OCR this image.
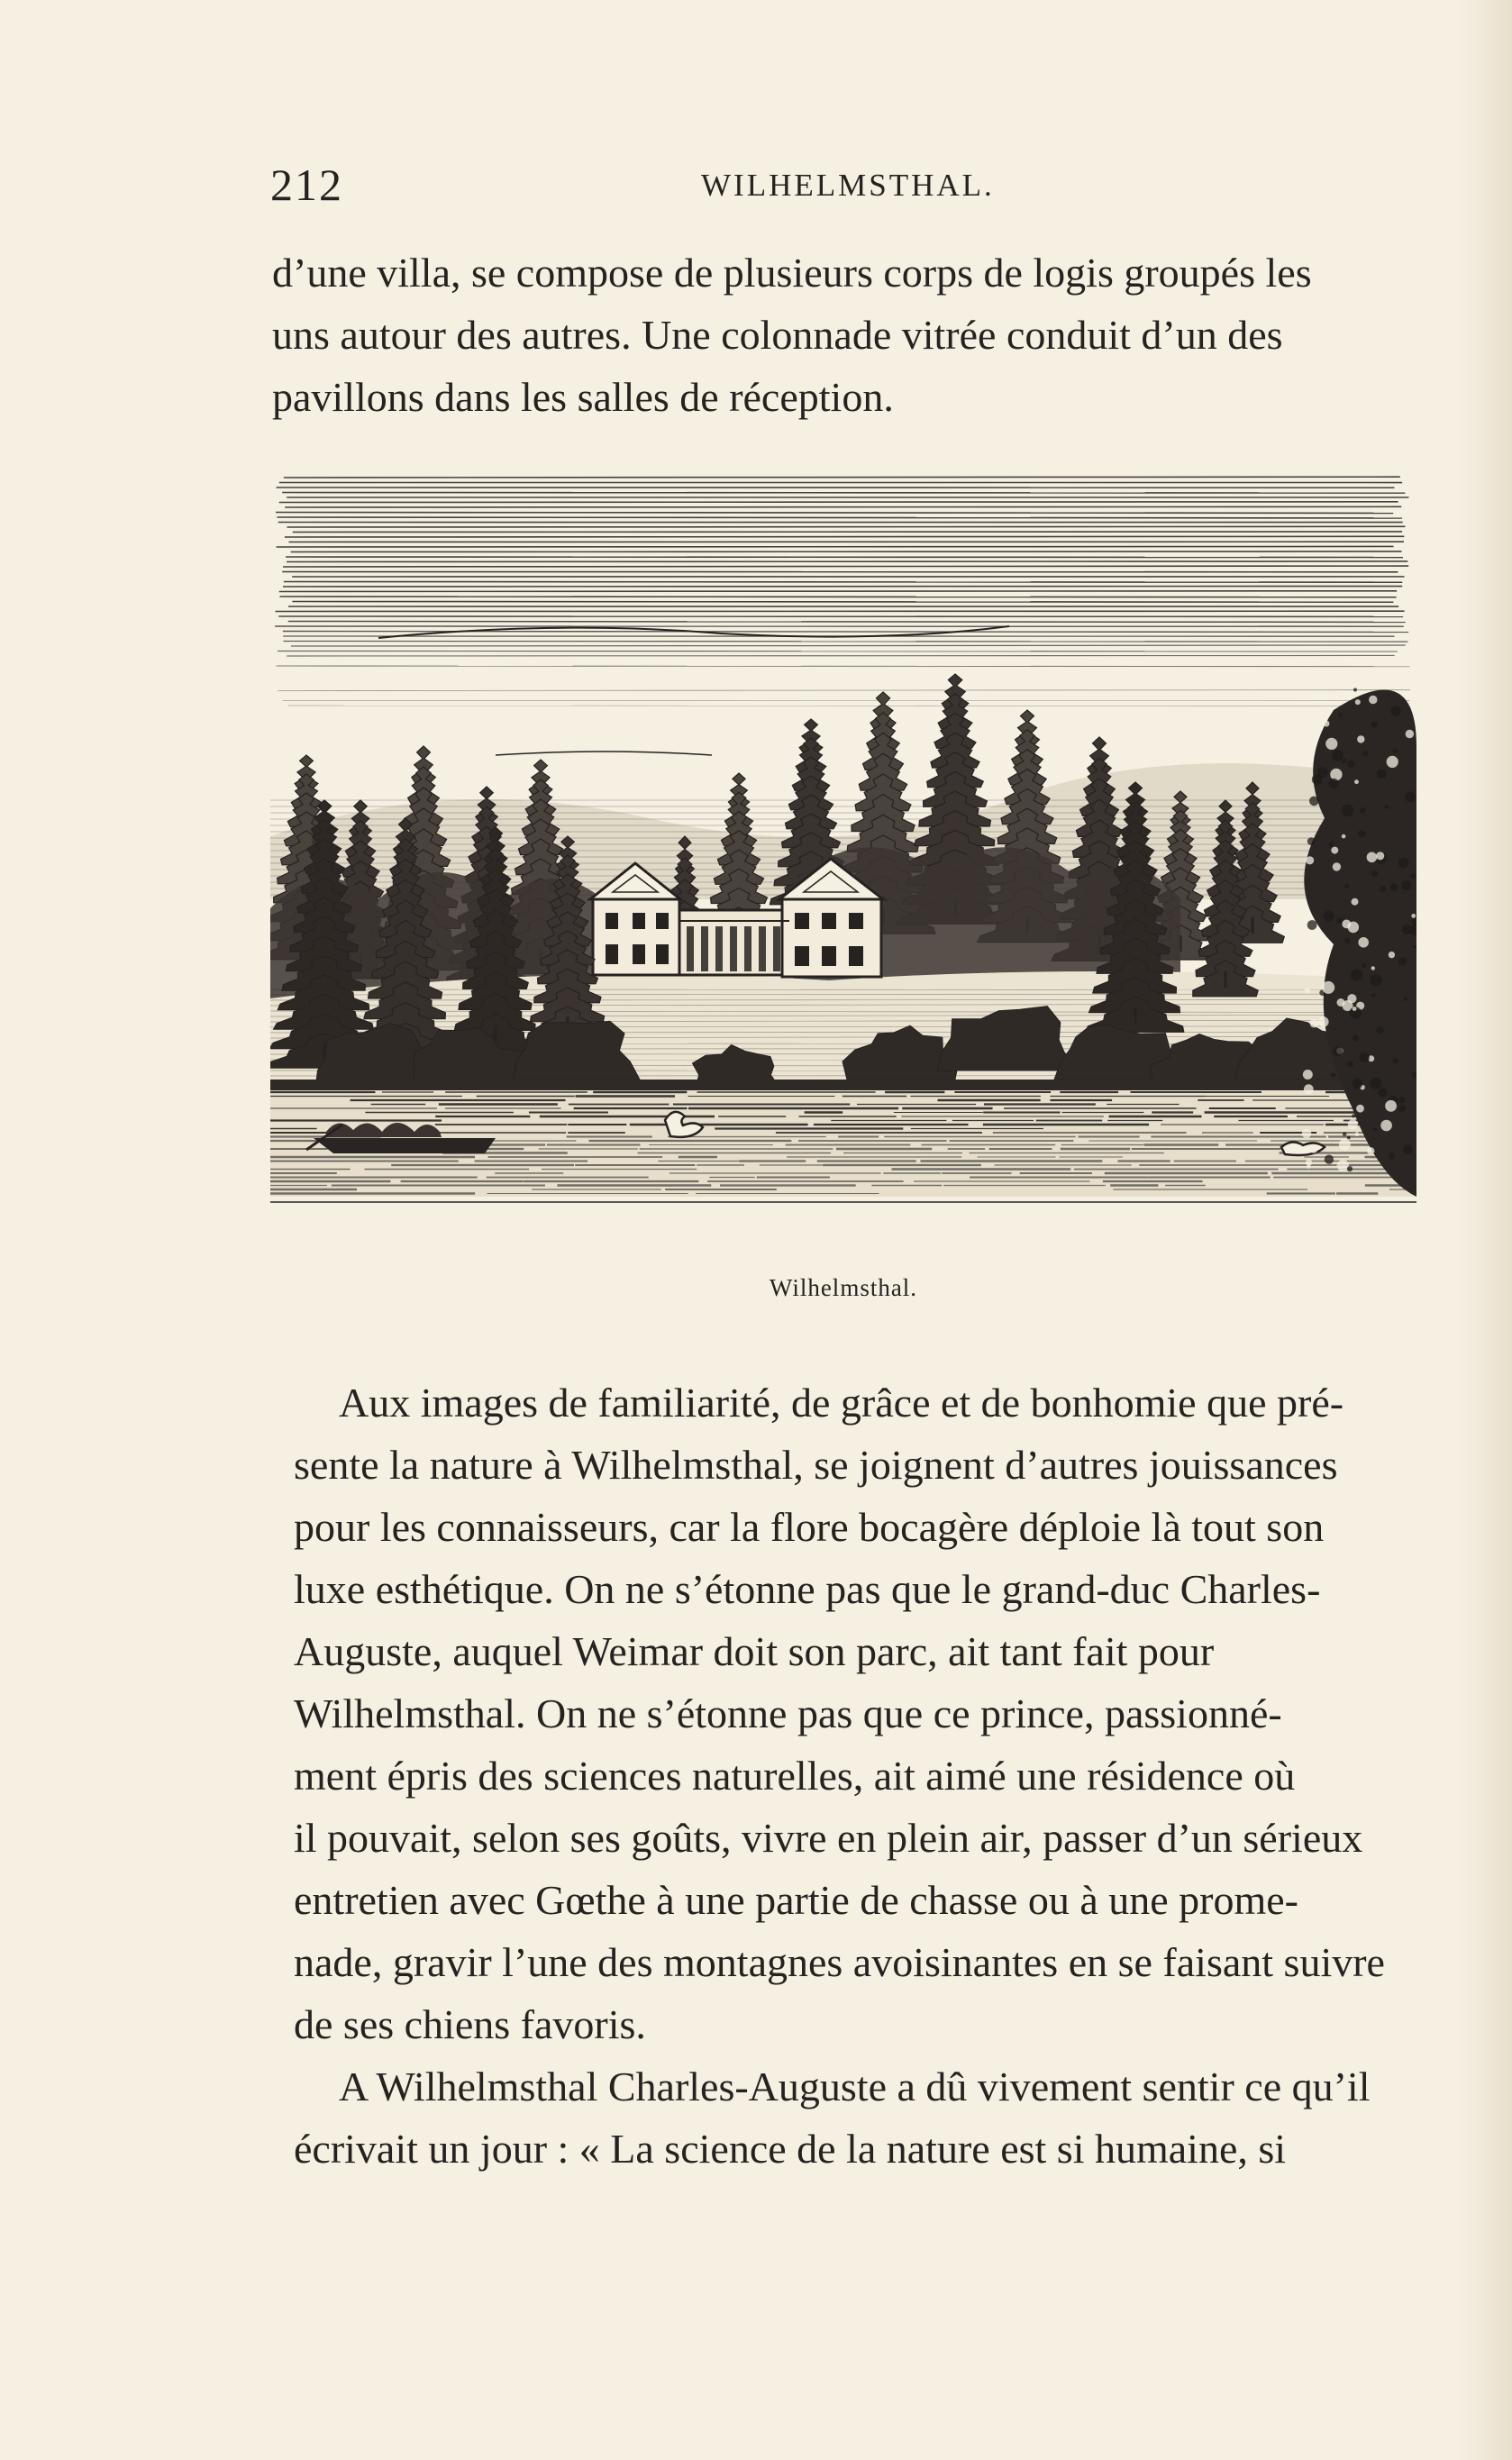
212	WILHELMSTHAL.

d’une villa, se compose de plusieurs corps de logis groupés les

uns autour des autres. Une colonnade vitrée conduit d’un des

pavillons dans les salles de réception.

Wilhelmsthal.

Aux images de familiarité, de grâce et de bonhomie que pré-

sente la nature à Wilhelmsthal, se joignent d’autres jouissances

pour les connaisseurs, car la flore bocagère déploie là tout son

luxe esthétique. On ne s’étonne pas que le grand-duc Charles-

Auguste, auquel Weimar doit son parc, ait tant fait pour

Wilhelmsthal. On ne s’étonne pas que ce prince, passionné-

ment épris des sciences naturelles, ait aimé une résidence où

il pouvait, selon ses goûts, vivre en plein air, passer d’un sérieux

entretien avec Gœthe à une partie de chasse ou à une prome-

nade, gravir l’une des montagnes avoisinantes en se faisant suivre

de ses chiens favoris.

A Wilhelmsthal Charles-Auguste a dû vivement sentir ce qu’il

écrivait un jour : « La science de la nature est si humaine, si
